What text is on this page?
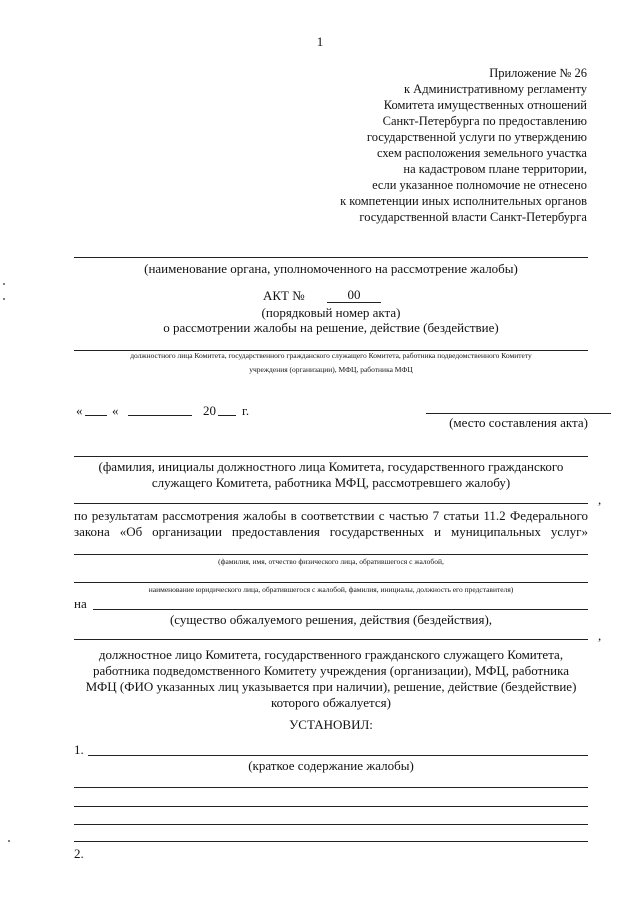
1
Приложение № 26
к Административному регламенту
Комитета имущественных отношений
Санкт-Петербурга по предоставлению
государственной услуги по утверждению
схем расположения земельного участка
на кадастровом плане территории,
если указанное полномочие не отнесено
к компетенции иных исполнительных органов
государственной власти Санкт-Петербурга
(наименование органа, уполномоченного на рассмотрение жалобы)
АКТ №	00
(порядковый номер акта)
о рассмотрении жалобы на решение, действие (бездействие)
должностного лица Комитета, государственного гражданского служащего Комитета, работника подведомственного Комитету
учреждения (организации), МФЦ, работника МФЦ
« «	20 г.
(место составления акта)
(фамилия, инициалы должностного лица Комитета, государственного гражданского
служащего Комитета, работника МФЦ, рассмотревшего жалобу)
,
по результатам рассмотрения жалобы в соответствии с частью 7 статьи 11.2 Федерального
закона «Об организации предоставления государственных и муниципальных услуг»
(фамилия, имя, отчество физического лица, обратившегося с жалобой,
наименование юридического лица, обратившегося с жалобой, фамилия, инициалы, должность его представителя)
на
(существо обжалуемого решения, действия (бездействия),
,
должностное лицо Комитета, государственного гражданского служащего Комитета,
работника подведомственного Комитету учреждения (организации), МФЦ, работника
МФЦ (ФИО указанных лиц указывается при наличии), решение, действие (бездействие)
которого обжалуется)
УСТАНОВИЛ:
1.
(краткое содержание жалобы)
2.
